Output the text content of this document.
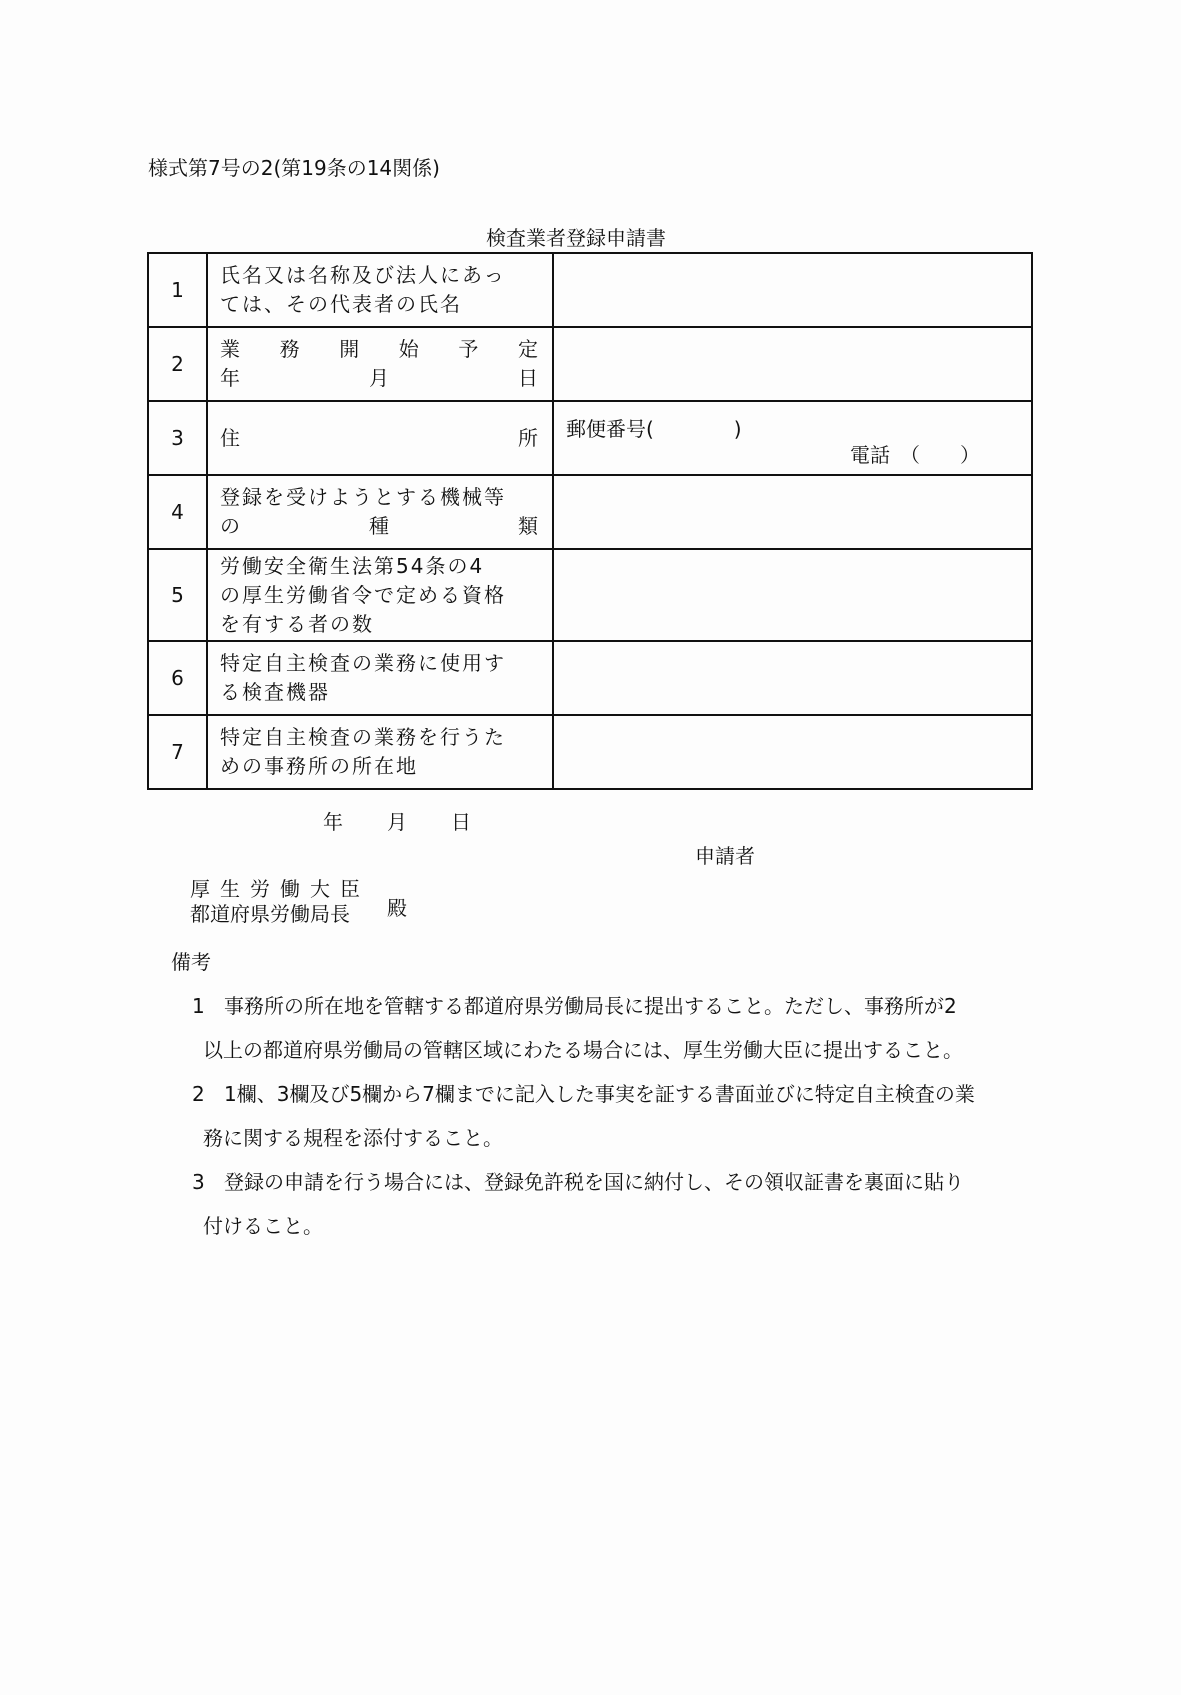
様式第7号の2(第19条の14関係)
検査業者登録申請書
1	氏名又は名称及び法人にあっ
ては、その代表者の氏名	

2	
業 務 開 始 予 定
年	月	日

3	住 所	郵便番号(　　　　)
電話　（　　）

4	登録を受けようとする機械等
の 種 類	

5	労働安全衛生法第54条の4
の厚生労働省令で定める資格
を有する者の数	

6	特定自主検査の業務に使用す
る検査機器	

7	特定自主検査の業務を行うた
めの事務所の所在地	

年 月 日
申請者
厚生労働大臣
都道府県労働局長	殿
備考
1 事務所の所在地を管轄する都道府県労働局長に提出すること。ただし、事務所が2
以上の都道府県労働局の管轄区域にわたる場合には、厚生労働大臣に提出すること。
2 1欄、3欄及び5欄から7欄までに記入した事実を証する書面並びに特定自主検査の業
務に関する規程を添付すること。
3 登録の申請を行う場合には、登録免許税を国に納付し、その領収証書を裏面に貼り
付けること。
